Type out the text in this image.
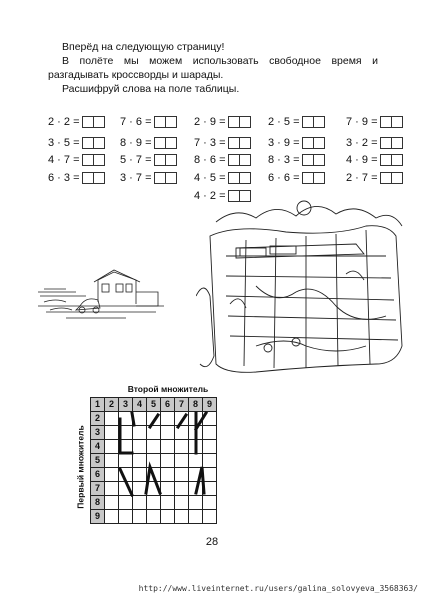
Вперёд на следующую страницу!

В полёте мы можем использовать свободное время и разгадывать кроссворды и шарады.

Расшифруй слова на поле таблицы.

2 · 2 =	7 · 6 =	2 · 9 =	2 · 5 =	7 · 9 =
3 · 5 =	8 · 9 =	7 · 3 =	3 · 9 =	3 · 2 =
4 · 7 =	5 · 7 =	8 · 6 =	8 · 3 =	4 · 9 =
6 · 3 =	3 · 7 =	4 · 5 =	6 · 6 =	2 · 7 =
4 · 2 =
Второй множитель
Первый множитель
1	2	3	4	5	6	7	8	9
2								
3								
4								
5								
6								
7								
8								
9								
28
http://www.liveinternet.ru/users/galina_solovyeva_3568363/
